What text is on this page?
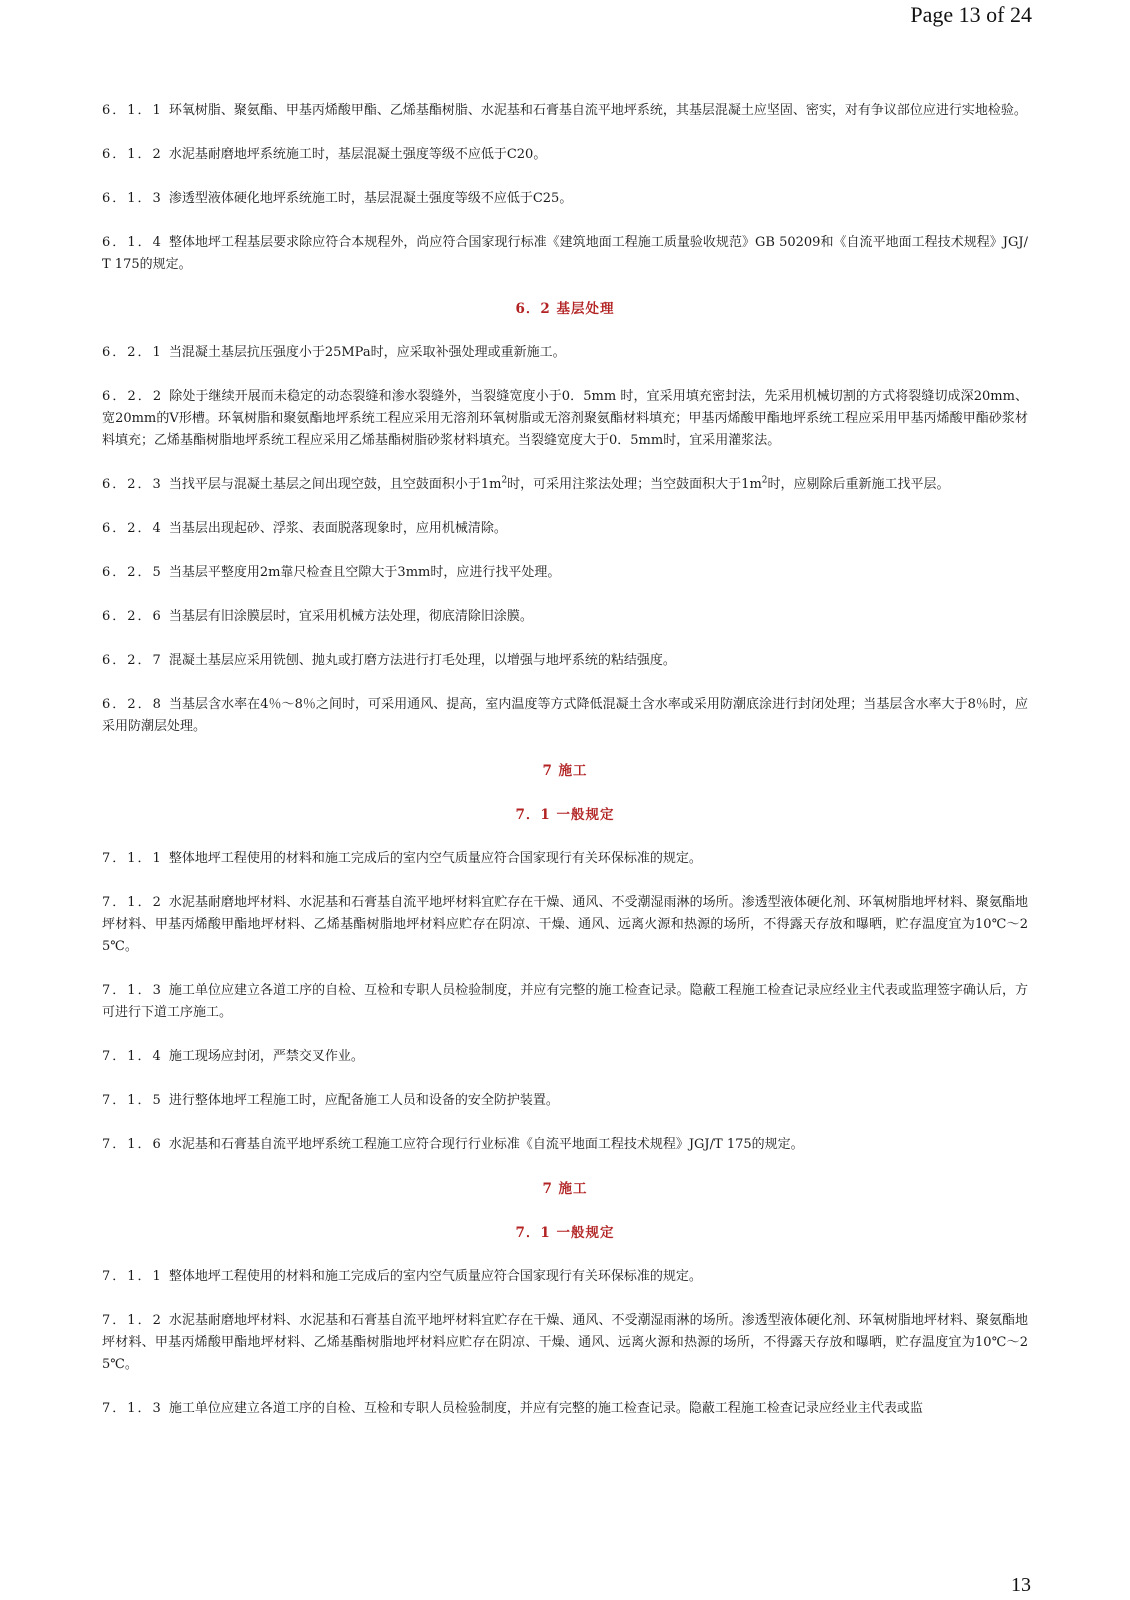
Page 13 of 24

6．1．1 环氧树脂、聚氨酯、甲基丙烯酸甲酯、乙烯基酯树脂、水泥基和石膏基自流平地坪系统，其基层混凝土应坚固、密实，对有争议部位应进行实地检验。

6．1．2 水泥基耐磨地坪系统施工时，基层混凝土强度等级不应低于C20。

6．1．3 渗透型液体硬化地坪系统施工时，基层混凝土强度等级不应低于C25。

6．1．4 整体地坪工程基层要求除应符合本规程外，尚应符合国家现行标准《建筑地面工程施工质量验收规范》GB 50209和《自流平地面工程技术规程》JGJ/T 175的规定。

6．2 基层处理

6．2．1 当混凝土基层抗压强度小于25MPa时，应采取补强处理或重新施工。

6．2．2 除处于继续开展而未稳定的动态裂缝和渗水裂缝外，当裂缝宽度小于0．5mm 时，宜采用填充密封法，先采用机械切割的方式将裂缝切成深20mm、宽20mm的V形槽。环氧树脂和聚氨酯地坪系统工程应采用无溶剂环氧树脂或无溶剂聚氨酯材料填充；甲基丙烯酸甲酯地坪系统工程应采用甲基丙烯酸甲酯砂浆材料填充；乙烯基酯树脂地坪系统工程应采用乙烯基酯树脂砂浆材料填充。当裂缝宽度大于0．5mm时，宜采用灌浆法。

6．2．3 当找平层与混凝土基层之间出现空鼓，且空鼓面积小于$1m^2$时，可采用注浆法处理；当空鼓面积大于$1m^2$时，应剔除后重新施工找平层。

6．2．4 当基层出现起砂、浮浆、表面脱落现象时，应用机械清除。

6．2．5 当基层平整度用2m靠尺检查且空隙大于3mm时，应进行找平处理。

6．2．6 当基层有旧涂膜层时，宜采用机械方法处理，彻底清除旧涂膜。

6．2．7 混凝土基层应采用铣刨、抛丸或打磨方法进行打毛处理，以增强与地坪系统的粘结强度。

6．2．8 当基层含水率在4％～8％之间时，可采用通风、提高，室内温度等方式降低混凝土含水率或采用防潮底涂进行封闭处理；当基层含水率大于8％时，应采用防潮层处理。

7 施工
7．1 一般规定

7．1．1 整体地坪工程使用的材料和施工完成后的室内空气质量应符合国家现行有关环保标准的规定。

7．1．2 水泥基耐磨地坪材料、水泥基和石膏基自流平地坪材料宜贮存在干燥、通风、不受潮湿雨淋的场所。渗透型液体硬化剂、环氧树脂地坪材料、聚氨酯地坪材料、甲基丙烯酸甲酯地坪材料、乙烯基酯树脂地坪材料应贮存在阴凉、干燥、通风、远离火源和热源的场所，不得露天存放和曝晒，贮存温度宜为10℃～25℃。

7．1．3 施工单位应建立各道工序的自检、互检和专职人员检验制度，并应有完整的施工检查记录。隐蔽工程施工检查记录应经业主代表或监理签字确认后，方可进行下道工序施工。

7．1．4 施工现场应封闭，严禁交叉作业。

7．1．5 进行整体地坪工程施工时，应配备施工人员和设备的安全防护装置。

7．1．6 水泥基和石膏基自流平地坪系统工程施工应符合现行行业标准《自流平地面工程技术规程》JGJ/T 175的规定。

7 施工
7．1 一般规定

7．1．1 整体地坪工程使用的材料和施工完成后的室内空气质量应符合国家现行有关环保标准的规定。

7．1．2 水泥基耐磨地坪材料、水泥基和石膏基自流平地坪材料宜贮存在干燥、通风、不受潮湿雨淋的场所。渗透型液体硬化剂、环氧树脂地坪材料、聚氨酯地坪材料、甲基丙烯酸甲酯地坪材料、乙烯基酯树脂地坪材料应贮存在阴凉、干燥、通风、远离火源和热源的场所，不得露天存放和曝晒，贮存温度宜为10℃～25℃。

7．1．3 施工单位应建立各道工序的自检、互检和专职人员检验制度，并应有完整的施工检查记录。隐蔽工程施工检查记录应经业主代表或监

13
